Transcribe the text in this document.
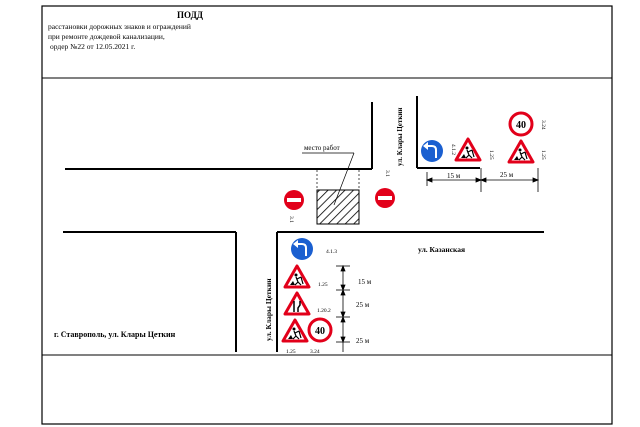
ПОДД
расстановки дорожных знаков и ограждений
при ремонте дождевой канализации,
ордер №22 от 12.05.2021 г.
место работ
3.1
3.1
4.1.3
1.25
1.20.2
1.25
40
3.24
15 м
25 м
25 м
4.1.2	1.25
40	3.24
1.25
15 м	25 м
ул. Казанская
ул. Клары Цеткин
ул. Клары Цеткин
г. Ставрополь, ул. Клары Цеткин
